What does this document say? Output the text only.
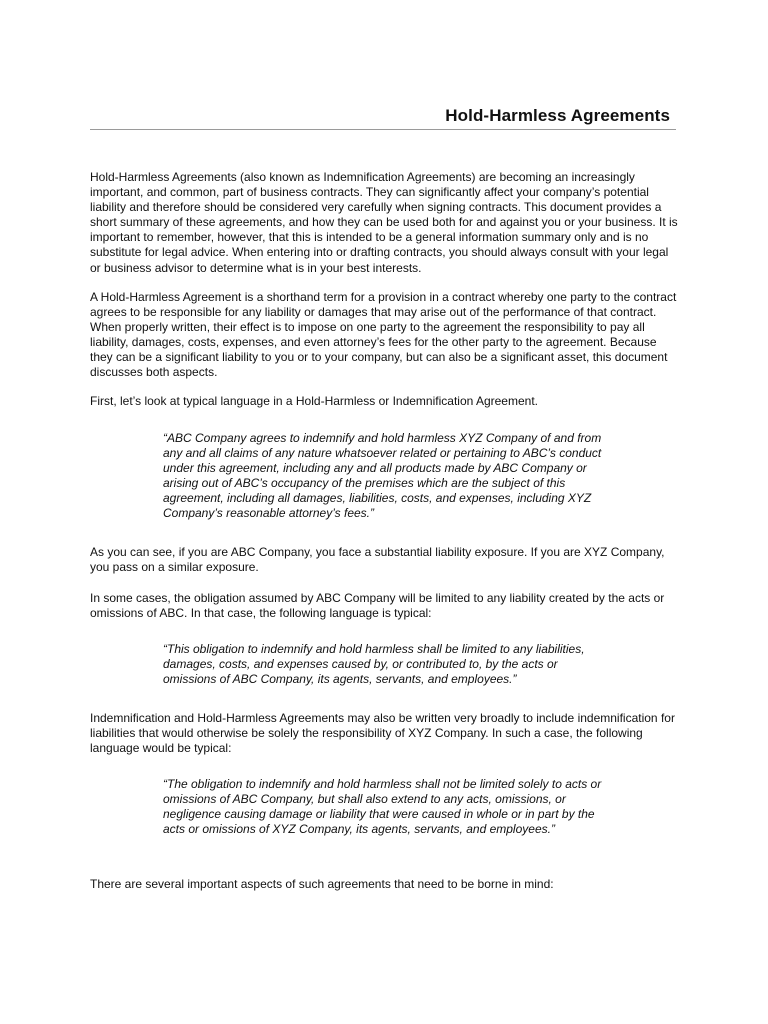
Hold-Harmless Agreements

Hold-Harmless Agreements (also known as Indemnification Agreements) are becoming an increasingly important, and common, part of business contracts. They can significantly affect your company’s potential liability and therefore should be considered very carefully when signing contracts. This document provides a short summary of these agreements, and how they can be used both for and against you or your business. It is important to remember, however, that this is intended to be a general information summary only and is no substitute for legal advice. When entering into or drafting contracts, you should always consult with your legal or business advisor to determine what is in your best interests.

A Hold-Harmless Agreement is a shorthand term for a provision in a contract whereby one party to the contract agrees to be responsible for any liability or damages that may arise out of the performance of that contract. When properly written, their effect is to impose on one party to the agreement the responsibility to pay all liability, damages, costs, expenses, and even attorney’s fees for the other party to the agreement. Because they can be a significant liability to you or to your company, but can also be a significant asset, this document discusses both aspects.

First, let’s look at typical language in a Hold-Harmless or Indemnification Agreement.

“ABC Company agrees to indemnify and hold harmless XYZ Company of and from any and all claims of any nature whatsoever related or pertaining to ABC’s conduct under this agreement, including any and all products made by ABC Company or arising out of ABC’s occupancy of the premises which are the subject of this agreement, including all damages, liabilities, costs, and expenses, including XYZ Company’s reasonable attorney’s fees.”

As you can see, if you are ABC Company, you face a substantial liability exposure. If you are XYZ Company, you pass on a similar exposure.

In some cases, the obligation assumed by ABC Company will be limited to any liability created by the acts or omissions of ABC. In that case, the following language is typical:

“This obligation to indemnify and hold harmless shall be limited to any liabilities, damages, costs, and expenses caused by, or contributed to, by the acts or omissions of ABC Company, its agents, servants, and employees.”

Indemnification and Hold-Harmless Agreements may also be written very broadly to include indemnification for liabilities that would otherwise be solely the responsibility of XYZ Company. In such a case, the following language would be typical:

“The obligation to indemnify and hold harmless shall not be limited solely to acts or omissions of ABC Company, but shall also extend to any acts, omissions, or negligence causing damage or liability that were caused in whole or in part by the acts or omissions of XYZ Company, its agents, servants, and employees.”

There are several important aspects of such agreements that need to be borne in mind:
